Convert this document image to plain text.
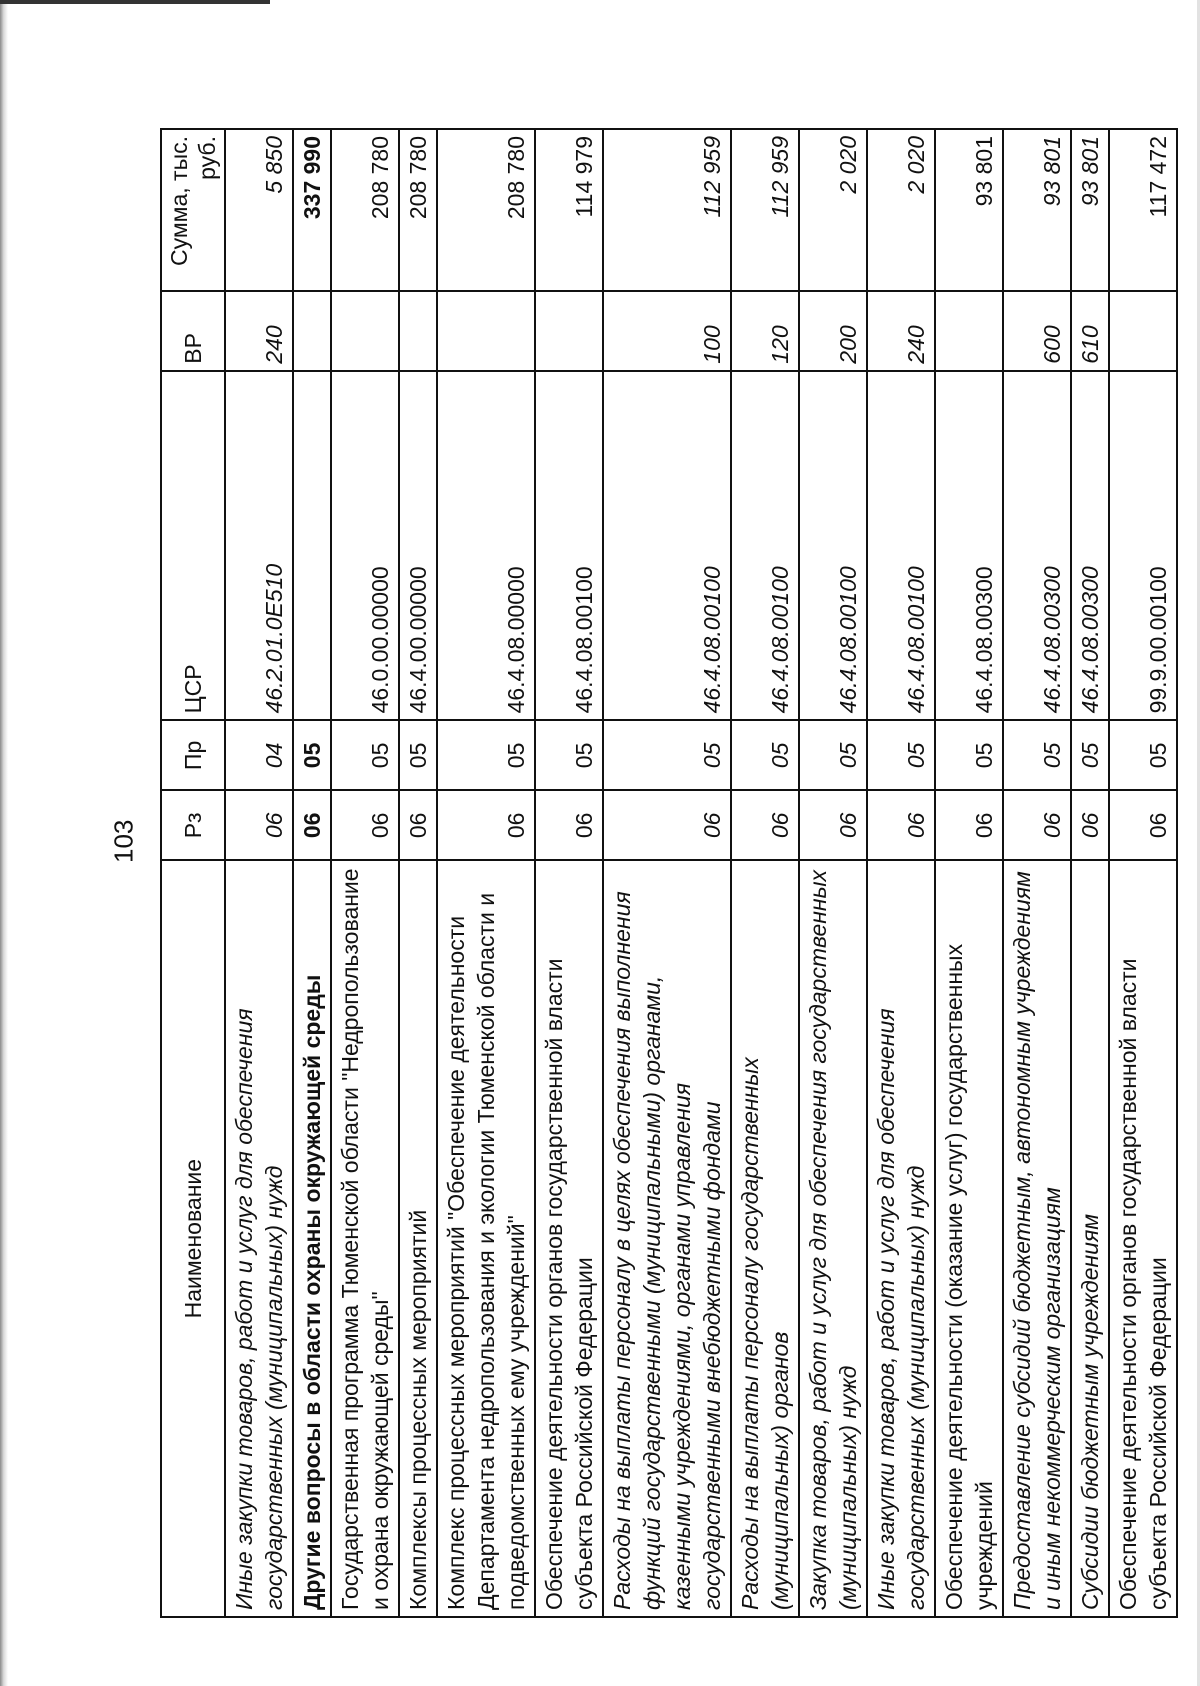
103
Наименование	Рз	Пр	ЦСР	ВР	Сумма, тыс. руб.
Иные закупки товаров, работ и услуг для обеспечения государственных (муниципальных) нужд	06	04	46.2.01.0Е510	240	5 850
Другие вопросы в области охраны окружающей среды	06	05			337 990
Государственная программа Тюменской области "Недропользование и охрана окружающей среды"	06	05	46.0.00.00000		208 780
Комплексы процессных мероприятий	06	05	46.4.00.00000		208 780
Комплекс процессных мероприятий "Обеспечение деятельности Департамента недропользования и экологии Тюменской области и подведомственных ему учреждений"	06	05	46.4.08.00000		208 780
Обеспечение деятельности органов государственной власти субъекта Российской Федерации	06	05	46.4.08.00100		114 979
Расходы на выплаты персоналу в целях обеспечения выполнения функций государственными (муниципальными) органами, казенными учреждениями, органами управления государственными внебюджетными фондами	06	05	46.4.08.00100	100	112 959
Расходы на выплаты персоналу государственных (муниципальных) органов	06	05	46.4.08.00100	120	112 959
Закупка товаров, работ и услуг для обеспечения государственных (муниципальных) нужд	06	05	46.4.08.00100	200	2 020
Иные закупки товаров, работ и услуг для обеспечения государственных (муниципальных) нужд	06	05	46.4.08.00100	240	2 020
Обеспечение деятельности (оказание услуг) государственных учреждений	06	05	46.4.08.00300		93 801
Предоставление субсидий бюджетным, автономным учреждениям и иным некоммерческим организациям	06	05	46.4.08.00300	600	93 801
Субсидии бюджетным учреждениям	06	05	46.4.08.00300	610	93 801
Обеспечение деятельности органов государственной власти субъекта Российской Федерации	06	05	99.9.00.00100		117 472
